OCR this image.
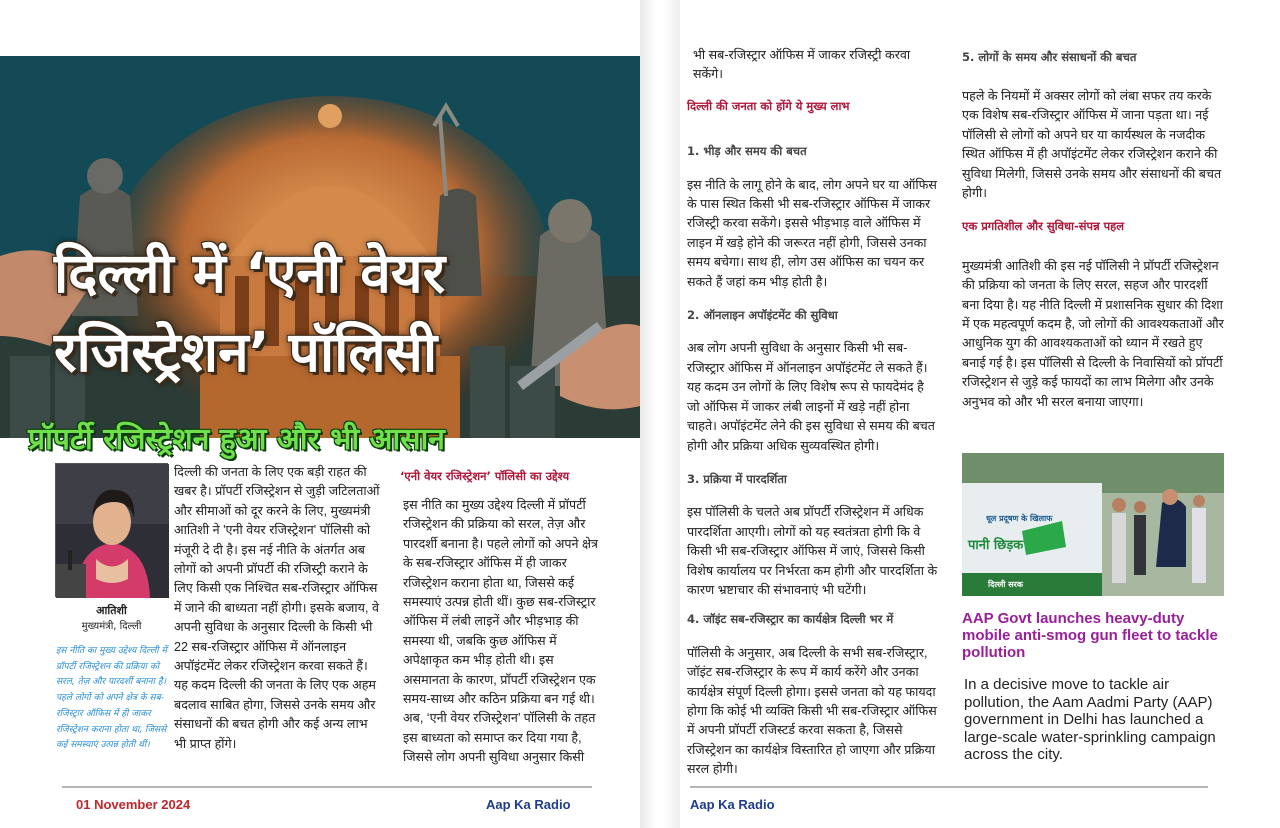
दिल्ली में ‘एनी वेयर
रजिस्ट्रेशन’ पॉलिसी
प्रॉपर्टी रजिस्ट्रेशन हुआ और भी आसान
आतिशी
मुख्यमंत्री, दिल्ली
इस नीति का मुख्य उद्देश्य दिल्ली में प्रॉपर्टी रजिस्ट्रेशन की प्रक्रिया को सरल, तेज़ और पारदर्शी बनाना है। पहले लोगों को अपने क्षेत्र के सब-रजिस्ट्रार ऑफिस में ही जाकर रजिस्ट्रेशन कराना होता था, जिससे कई समस्याएं उत्पन्न होती थीं।
दिल्ली की जनता के लिए एक बड़ी राहत की खबर है। प्रॉपर्टी रजिस्ट्रेशन से जुड़ी जटिलताओं और सीमाओं को दूर करने के लिए, मुख्यमंत्री आतिशी ने 'एनी वेयर रजिस्ट्रेशन' पॉलिसी को मंजूरी दे दी है। इस नई नीति के अंतर्गत अब लोगों को अपनी प्रॉपर्टी की रजिस्ट्री कराने के लिए किसी एक निश्चित सब-रजिस्ट्रार ऑफिस में जाने की बाध्यता नहीं होगी। इसके बजाय, वे अपनी सुविधा के अनुसार दिल्ली के किसी भी 22 सब-रजिस्ट्रार ऑफिस में ऑनलाइन अपॉइंटमेंट लेकर रजिस्ट्रेशन करवा सकते हैं। यह कदम दिल्ली की जनता के लिए एक अहम बदलाव साबित होगा, जिससे उनके समय और संसाधनों की बचत होगी और कई अन्य लाभ भी प्राप्त होंगे।
‘एनी वेयर रजिस्ट्रेशन’ पॉलिसी का उद्देश्य
इस नीति का मुख्य उद्देश्य दिल्ली में प्रॉपर्टी रजिस्ट्रेशन की प्रक्रिया को सरल, तेज़ और पारदर्शी बनाना है। पहले लोगों को अपने क्षेत्र के सब-रजिस्ट्रार ऑफिस में ही जाकर रजिस्ट्रेशन कराना होता था, जिससे कई समस्याएं उत्पन्न होती थीं। कुछ सब-रजिस्ट्रार ऑफिस में लंबी लाइनें और भीड़भाड़ की समस्या थी, जबकि कुछ ऑफिस में अपेक्षाकृत कम भीड़ होती थी। इस असमानता के कारण, प्रॉपर्टी रजिस्ट्रेशन एक समय-साध्य और कठिन प्रक्रिया बन गई थी। अब, ‘एनी वेयर रजिस्ट्रेशन’ पॉलिसी के तहत इस बाध्यता को समाप्त कर दिया गया है, जिससे लोग अपनी सुविधा अनुसार किसी
01 November 2024	Aap Ka Radio
भी सब-रजिस्ट्रार ऑफिस में जाकर रजिस्ट्री करवा सकेंगे।
दिल्ली की जनता को होंगे ये मुख्य लाभ
1. भीड़ और समय की बचत
इस नीति के लागू होने के बाद, लोग अपने घर या ऑफिस के पास स्थित किसी भी सब-रजिस्ट्रार ऑफिस में जाकर रजिस्ट्री करवा सकेंगे। इससे भीड़भाड़ वाले ऑफिस में लाइन में खड़े होने की जरूरत नहीं होगी, जिससे उनका समय बचेगा। साथ ही, लोग उस ऑफिस का चयन कर सकते हैं जहां कम भीड़ होती है।
2. ऑनलाइन अपॉइंटमेंट की सुविधा
अब लोग अपनी सुविधा के अनुसार किसी भी सब-रजिस्ट्रार ऑफिस में ऑनलाइन अपॉइंटमेंट ले सकते हैं। यह कदम उन लोगों के लिए विशेष रूप से फायदेमंद है जो ऑफिस में जाकर लंबी लाइनों में खड़े नहीं होना चाहते। अपॉइंटमेंट लेने की इस सुविधा से समय की बचत होगी और प्रक्रिया अधिक सुव्यवस्थित होगी।
3. प्रक्रिया में पारदर्शिता
इस पॉलिसी के चलते अब प्रॉपर्टी रजिस्ट्रेशन में अधिक पारदर्शिता आएगी। लोगों को यह स्वतंत्रता होगी कि वे किसी भी सब-रजिस्ट्रार ऑफिस में जाएं, जिससे किसी विशेष कार्यालय पर निर्भरता कम होगी और पारदर्शिता के कारण भ्रष्टाचार की संभावनाएं भी घटेंगी।
4. जॉइंट सब-रजिस्ट्रार का कार्यक्षेत्र दिल्ली भर में
पॉलिसी के अनुसार, अब दिल्ली के सभी सब-रजिस्ट्रार, जॉइंट सब-रजिस्ट्रार के रूप में कार्य करेंगे और उनका कार्यक्षेत्र संपूर्ण दिल्ली होगा। इससे जनता को यह फायदा होगा कि कोई भी व्यक्ति किसी भी सब-रजिस्ट्रार ऑफिस में अपनी प्रॉपर्टी रजिस्टर्ड करवा सकता है, जिससे रजिस्ट्रेशन का कार्यक्षेत्र विस्तारित हो जाएगा और प्रक्रिया सरल होगी।
5. लोगों के समय और संसाधनों की बचत
पहले के नियमों में अक्सर लोगों को लंबा सफर तय करके एक विशेष सब-रजिस्ट्रार ऑफिस में जाना पड़ता था। नई पॉलिसी से लोगों को अपने घर या कार्यस्थल के नजदीक स्थित ऑफिस में ही अपॉइंटमेंट लेकर रजिस्ट्रेशन कराने की सुविधा मिलेगी, जिससे उनके समय और संसाधनों की बचत होगी।
एक प्रगतिशील और सुविधा-संपन्न पहल
मुख्यमंत्री आतिशी की इस नई पॉलिसी ने प्रॉपर्टी रजिस्ट्रेशन की प्रक्रिया को जनता के लिए सरल, सहज और पारदर्शी बना दिया है। यह नीति दिल्ली में प्रशासनिक सुधार की दिशा में एक महत्वपूर्ण कदम है, जो लोगों की आवश्यकताओं और आधुनिक युग की आवश्यकताओं को ध्यान में रखते हुए बनाई गई है। इस पॉलिसी से दिल्ली के निवासियों को प्रॉपर्टी रजिस्ट्रेशन से जुड़े कई फायदों का लाभ मिलेगा और उनके अनुभव को और भी सरल बनाया जाएगा।
धूल प्रदूषण के खिलाफ
पानी छिड़क
दिल्ली सरक
AAP Govt launches heavy-duty mobile anti-smog gun fleet to tackle pollution
In a decisive move to tackle air pollution, the Aam Aadmi Party (AAP) government in Delhi has launched a large-scale water-sprinkling campaign across the city.
Aap Ka Radio
